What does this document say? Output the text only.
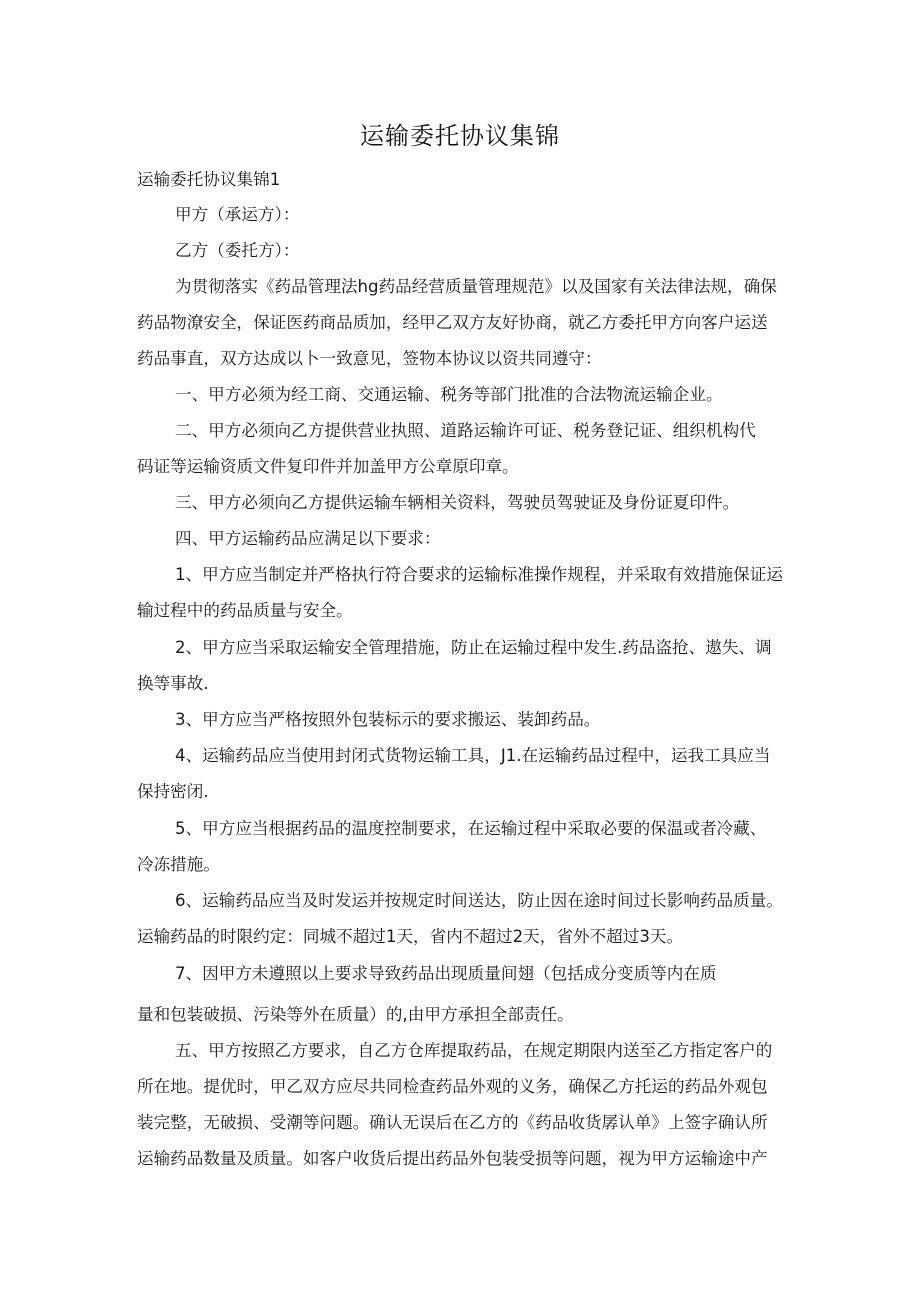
运输委托协议集锦
运输委托协议集锦1
甲方（承运方）：
乙方（委托方）：
为贯彻落实《药品管理法hg药品经营质量管理规范》以及国家有关法律法规，确保
药品物潦安全，保证医药商品质加，经甲乙双方友好协商，就乙方委托甲方向客户运送
药品事直，双方达成以卜一致意见，签物本协议以资共同遵守：
一、甲方必须为经工商、交通运输、税务等部门批准的合法物流运输企业。
二、甲方必须向乙方提供营业执照、道路运输许可证、税务登记证、组织机构代
码证等运输资质文件复印件并加盖甲方公章原印章。
三、甲方必须向乙方提供运输车辆相关资料，驾驶员驾驶证及身份证夏印件。
四、甲方运输药品应满足以下要求：
1、甲方应当制定并严格执行符合要求的运输标准操作规程，并采取有效措施保证运
输过程中的药品质量与安全。
2、甲方应当采取运输安全管理措施，防止在运输过程中发生.药品盗抢、遨失、调
换等事故.
3、甲方应当严格按照外包装标示的要求搬运、装卸药品。
4、运输药品应当使用封闭式货物运输工具，J1.在运输药品过程中，运我工具应当
保持密闭.
5、甲方应当根据药品的温度控制要求，在运输过程中采取必要的保温或者冷藏、
冷冻措施。
6、运输药品应当及时发运并按规定时间送达，防止因在途时间过长影响药品质量。
运输药品的时限约定：同城不超过1天，省内不超过2天，省外不超过3天。
7、因甲方未遵照以上要求导致药品出现质量间翅（包括成分变质等内在质
量和包装破损、污染等外在质量）的,由甲方承担全部责任。
五、甲方按照乙方要求，自乙方仓库提取药品，在规定期限内送至乙方指定客户的
所在地。提优时，甲乙双方应尽共同检查药品外观的义务，确保乙方托运的药品外观包
装完整，无破损、受潮等问题。确认无误后在乙方的《药品收货孱认单》上签字确认所
运输药品数量及质量。如客户收货后提出药品外包装受损等问题，视为甲方运输途中产
